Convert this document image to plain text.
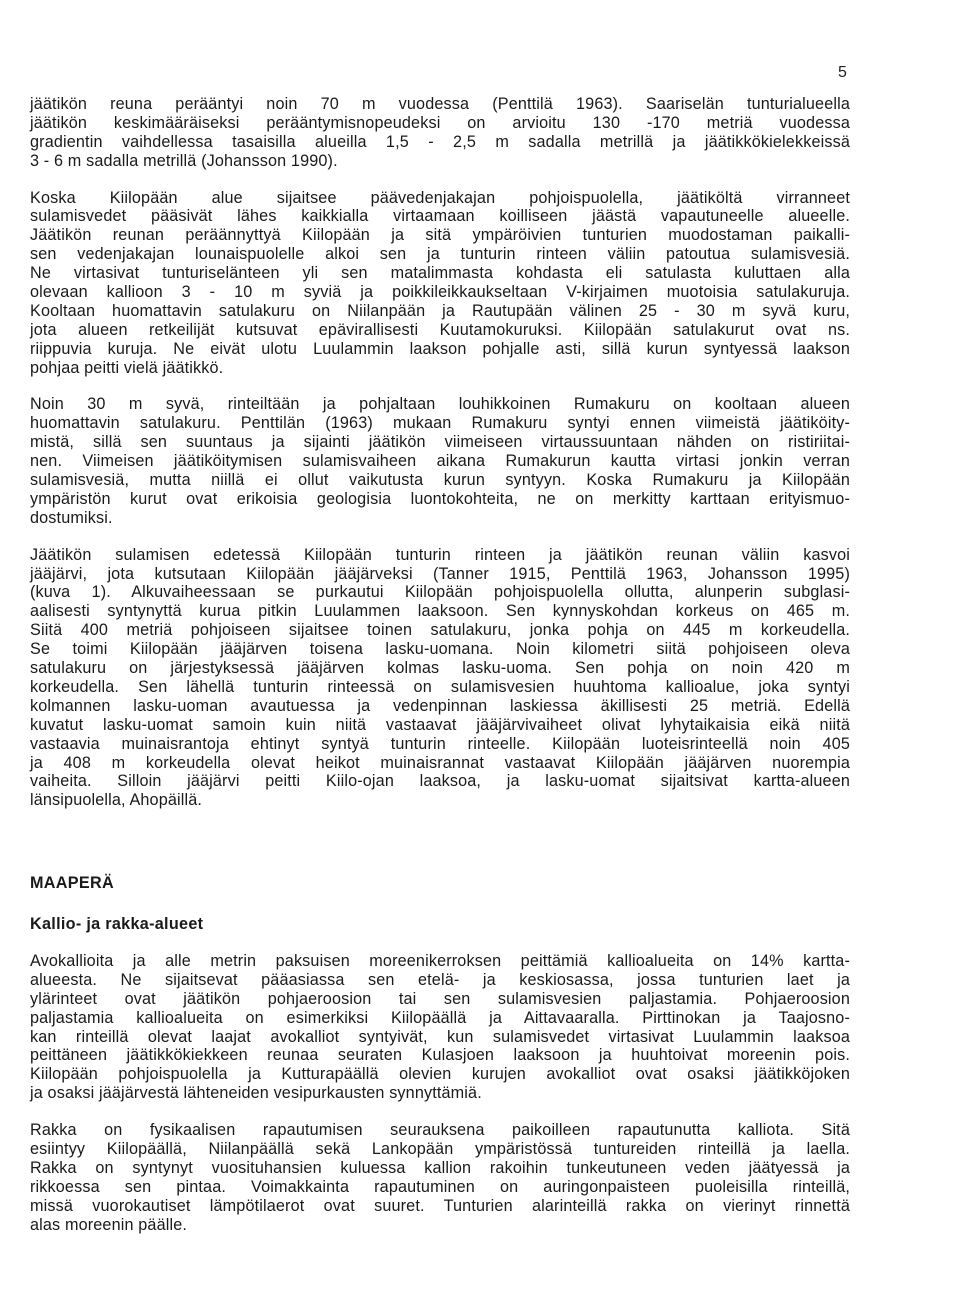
5
jäätikön reuna perääntyi noin 70 m vuodessa (Penttilä 1963). Saariselän tunturialueella
jäätikön keskimääräiseksi perääntymisnopeudeksi on arvioitu 130 -170 metriä vuodessa
gradientin vaihdellessa tasaisilla alueilla 1,5 - 2,5 m sadalla metrillä ja jäätikkökielekkeissä
3 - 6 m sadalla metrillä (Johansson 1990).
Koska Kiilopään alue sijaitsee päävedenjakajan pohjoispuolella, jäätiköltä virranneet
sulamisvedet pääsivät lähes kaikkialla virtaamaan koilliseen jäästä vapautuneelle alueelle.
Jäätikön reunan peräännyttyä Kiilopään ja sitä ympäröivien tunturien muodostaman paikalli-
sen vedenjakajan lounaispuolelle alkoi sen ja tunturin rinteen väliin patoutua sulamisvesiä.
Ne virtasivat tunturiselänteen yli sen matalimmasta kohdasta eli satulasta kuluttaen alla
olevaan kallioon 3 - 10 m syviä ja poikkileikkaukseltaan V-kirjaimen muotoisia satulakuruja.
Kooltaan huomattavin satulakuru on Niilanpään ja Rautupään välinen 25 - 30 m syvä kuru,
jota alueen retkeilijät kutsuvat epävirallisesti Kuutamokuruksi. Kiilopään satulakurut ovat ns.
riippuvia kuruja. Ne eivät ulotu Luulammin laakson pohjalle asti, sillä kurun syntyessä laakson
pohjaa peitti vielä jäätikkö.
Noin 30 m syvä, rinteiltään ja pohjaltaan louhikkoinen Rumakuru on kooltaan alueen
huomattavin satulakuru. Penttilän (1963) mukaan Rumakuru syntyi ennen viimeistä jäätiköity-
mistä, sillä sen suuntaus ja sijainti jäätikön viimeiseen virtaussuuntaan nähden on ristiriitai-
nen. Viimeisen jäätiköitymisen sulamisvaiheen aikana Rumakurun kautta virtasi jonkin verran
sulamisvesiä, mutta niillä ei ollut vaikutusta kurun syntyyn. Koska Rumakuru ja Kiilopään
ympäristön kurut ovat erikoisia geologisia luontokohteita, ne on merkitty karttaan erityismuo-
dostumiksi.
Jäätikön sulamisen edetessä Kiilopään tunturin rinteen ja jäätikön reunan väliin kasvoi
jääjärvi, jota kutsutaan Kiilopään jääjärveksi (Tanner 1915, Penttilä 1963, Johansson 1995)
(kuva 1). Alkuvaiheessaan se purkautui Kiilopään pohjoispuolella ollutta, alunperin subglasi-
aalisesti syntynyttä kurua pitkin Luulammen laaksoon. Sen kynnyskohdan korkeus on 465 m.
Siitä 400 metriä pohjoiseen sijaitsee toinen satulakuru, jonka pohja on 445 m korkeudella.
Se toimi Kiilopään jääjärven toisena lasku-uomana. Noin kilometri siitä pohjoiseen oleva
satulakuru on järjestyksessä jääjärven kolmas lasku-uoma. Sen pohja on noin 420 m
korkeudella. Sen lähellä tunturin rinteessä on sulamisvesien huuhtoma kallioalue, joka syntyi
kolmannen lasku-uoman avautuessa ja vedenpinnan laskiessa äkillisesti 25 metriä. Edellä
kuvatut lasku-uomat samoin kuin niitä vastaavat jääjärvivaiheet olivat lyhytaikaisia eikä niitä
vastaavia muinaisrantoja ehtinyt syntyä tunturin rinteelle. Kiilopään luoteisrinteellä noin 405
ja 408 m korkeudella olevat heikot muinaisrannat vastaavat Kiilopään jääjärven nuorempia
vaiheita. Silloin jääjärvi peitti Kiilo-ojan laaksoa, ja lasku-uomat sijaitsivat kartta-alueen
länsipuolella, Ahopäillä.
MAAPERÄ
Kallio- ja rakka-alueet
Avokallioita ja alle metrin paksuisen moreenikerroksen peittämiä kallioalueita on 14% kartta-
alueesta. Ne sijaitsevat pääasiassa sen etelä- ja keskiosassa, jossa tunturien laet ja
ylärinteet ovat jäätikön pohjaeroosion tai sen sulamisvesien paljastamia. Pohjaeroosion
paljastamia kallioalueita on esimerkiksi Kiilopäällä ja Aittavaaralla. Pirttinokan ja Taajosno-
kan rinteillä olevat laajat avokalliot syntyivät, kun sulamisvedet virtasivat Luulammin laaksoa
peittäneen jäätikkökiekkeen reunaa seuraten Kulasjoen laaksoon ja huuhtoivat moreenin pois.
Kiilopään pohjoispuolella ja Kutturapäällä olevien kurujen avokalliot ovat osaksi jäätikköjoken
ja osaksi jääjärvestä lähteneiden vesipurkausten synnyttämiä.
Rakka on fysikaalisen rapautumisen seurauksena paikoilleen rapautunutta kalliota. Sitä
esiintyy Kiilopäällä, Niilanpäällä sekä Lankopään ympäristössä tuntureiden rinteillä ja laella.
Rakka on syntynyt vuosituhansien kuluessa kallion rakoihin tunkeutuneen veden jäätyessä ja
rikkoessa sen pintaa. Voimakkainta rapautuminen on auringonpaisteen puoleisilla rinteillä,
missä vuorokautiset lämpötilaerot ovat suuret. Tunturien alarinteillä rakka on vierinyt rinnettä
alas moreenin päälle.
